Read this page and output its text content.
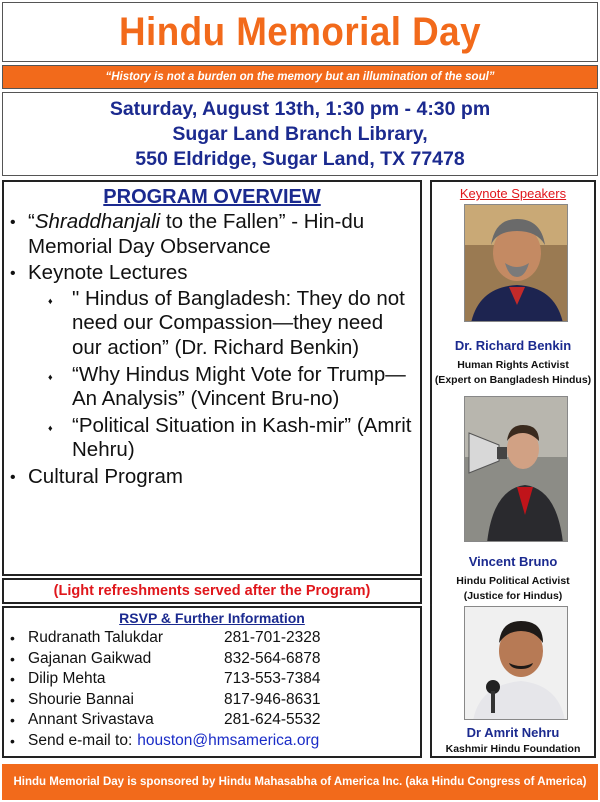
Hindu Memorial Day
“History is not a burden on the memory but an illumination of the soul”
Saturday, August 13th, 1:30 pm - 4:30 pm
Sugar Land Branch Library,
550 Eldridge, Sugar Land, TX 77478
PROGRAM OVERVIEW
• “Shraddhanjali to the Fallen” - Hin-du Memorial Day Observance
• Keynote Lectures
♦ " Hindus of Bangladesh: They do not need our Compassion—they need our action” (Dr. Richard Benkin)
♦ “Why Hindus Might Vote for Trump—An Analysis” (Vincent Bru-no)
♦ “Political Situation in Kash-mir” (Amrit Nehru)
• Cultural Program
(Light refreshments served after the Program)
RSVP & Further Information
• Rudranath Talukdar	281-701-2328
• Gajanan Gaikwad	832-564-6878
• Dilip Mehta	713-553-7384
• Shourie Bannai	817-946-8631
• Annant Srivastava	281-624-5532
• Send e-mail to: houston@hmsamerica.org
Keynote Speakers
Dr. Richard Benkin
Human Rights Activist
(Expert on Bangladesh Hindus)
Vincent Bruno
Hindu Political Activist
(Justice for Hindus)
Dr Amrit Nehru
Kashmir Hindu Foundation
Hindu Memorial Day is sponsored by Hindu Mahasabha of America Inc. (aka Hindu Congress of America)
